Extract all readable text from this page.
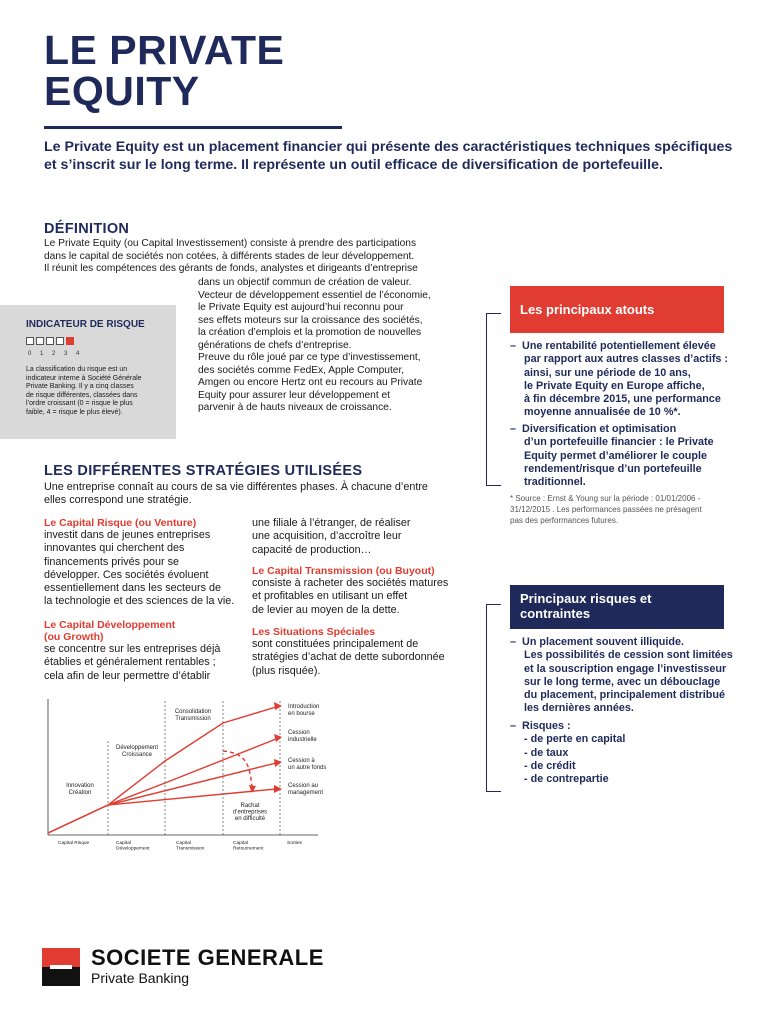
LE PRIVATE
EQUITY
Le Private Equity est un placement financier qui présente des caractéristiques techniques spécifiques
et s’inscrit sur le long terme. Il représente un outil efficace de diversification de portefeuille.
DÉFINITION
Le Private Equity (ou Capital Investissement) consiste à prendre des participations
dans le capital de sociétés non cotées, à différents stades de leur développement.
Il réunit les compétences des gérants de fonds, analystes et dirigeants d’entreprise
dans un objectif commun de création de valeur.
Vecteur de développement essentiel de l’économie,
le Private Equity est aujourd’hui reconnu pour
ses effets moteurs sur la croissance des sociétés,
la création d’emplois et la promotion de nouvelles
générations de chefs d’entreprise.
Preuve du rôle joué par ce type d’investissement,
des sociétés comme FedEx, Apple Computer,
Amgen ou encore Hertz ont eu recours au Private
Equity pour assurer leur développement et
parvenir à de hauts niveaux de croissance.
INDICATEUR DE RISQUE
0	1	2	3	4
La classification du risque est un
indicateur interne à Société Générale
Private Banking. Il y a cinq classes
de risque différentes, classées dans
l’ordre croissant (0 = risque le plus
faible, 4 = risque le plus élevé).
LES DIFFÉRENTES STRATÉGIES UTILISÉES
Une entreprise connaît au cours de sa vie différentes phases. À chacune d’entre
elles correspond une stratégie.
Le Capital Risque (ou Venture)
investit dans de jeunes entreprises
innovantes qui cherchent des
financements privés pour se
développer. Ces sociétés évoluent
essentiellement dans les secteurs de
la technologie et des sciences de la vie.
Le Capital Développement
(ou Growth)
se concentre sur les entreprises déjà
établies et généralement rentables ;
cela afin de leur permettre d’établir
une filiale à l’étranger, de réaliser
une acquisition, d’accroître leur
capacité de production…
Le Capital Transmission (ou Buyout)
consiste à racheter des sociétés matures
et profitables en utilisant un effet
de levier au moyen de la dette.
Les Situations Spéciales
sont constituées principalement de
stratégies d’achat de dette subordonnée
(plus risquée).
Innovation Création
Développement Croissance
Consolidation Transmission
Rachat d’entreprises en difficulté
Introduction en bourse
Cession industrielle
Cession à un autre fonds
Cession au management
Capital Risque	Capital Développement
Capital Transmission
Capital Retournement
Sorties
Les principaux atouts
–  Une rentabilité potentiellement élevée
par rapport aux autres classes d’actifs :
ainsi, sur une période de 10 ans,
le Private Equity en Europe affiche,
à fin décembre 2015, une performance
moyenne annualisée de 10 %*.
–  Diversification et optimisation
d’un portefeuille financier : le Private
Equity permet d’améliorer le couple
rendement/risque d’un portefeuille
traditionnel.
* Source : Ernst & Young sur la période : 01/01/2006 -
31/12/2015 . Les performances passées ne présagent
pas des performances futures.
Principaux risques et
contraintes
–  Un placement souvent illiquide.
Les possibilités de cession sont limitées
et la souscription engage l’investisseur
sur le long terme, avec un débouclage
du placement, principalement distribué
les dernières années.
–  Risques :
- de perte en capital
- de taux
- de crédit
- de contrepartie
SOCIETE GENERALE
Private Banking
